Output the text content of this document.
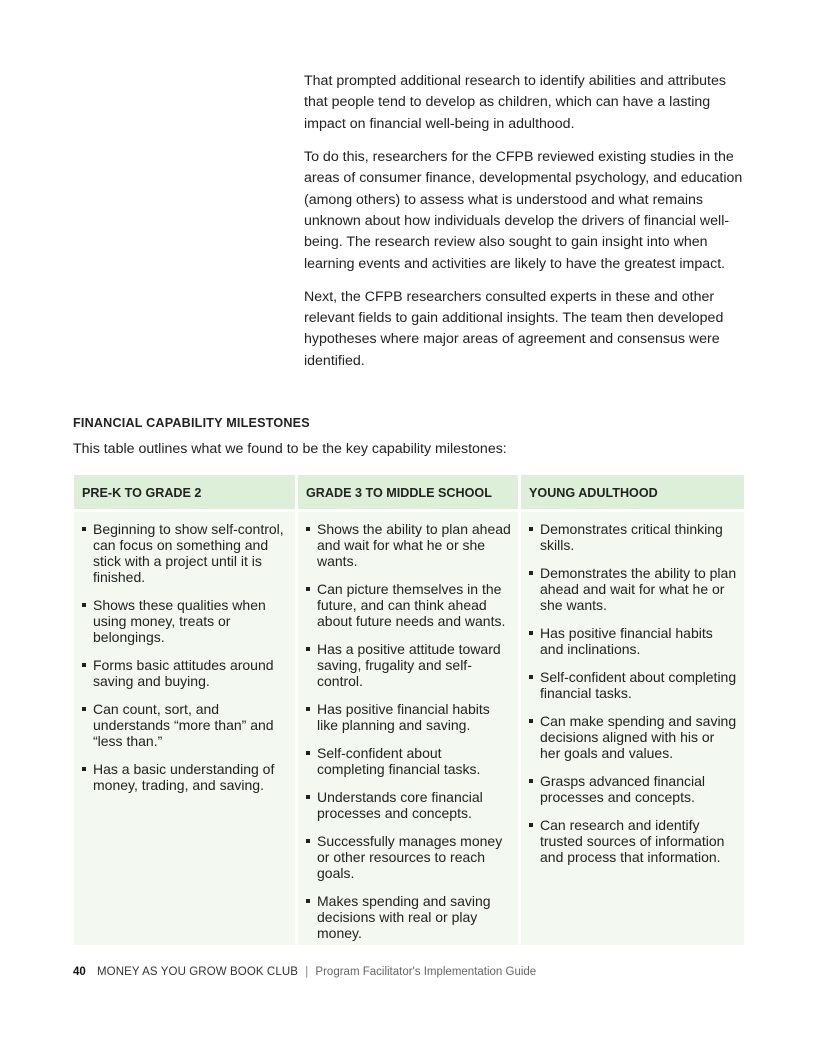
That prompted additional research to identify abilities and attributes that people tend to develop as children, which can have a lasting impact on financial well-being in adulthood.

To do this, researchers for the CFPB reviewed existing studies in the areas of consumer finance, developmental psychology, and education (among others) to assess what is understood and what remains unknown about how individuals develop the drivers of financial well-being. The research review also sought to gain insight into when learning events and activities are likely to have the greatest impact.

Next, the CFPB researchers consulted experts in these and other relevant fields to gain additional insights. The team then developed hypotheses where major areas of agreement and consensus were identified.

FINANCIAL CAPABILITY MILESTONES

This table outlines what we found to be the key capability milestones:

PRE-K TO GRADE 2
Beginning to show self-control, can focus on something and stick with a project until it is finished.
Shows these qualities when using money, treats or belongings.
Forms basic attitudes around saving and buying.
Can count, sort, and understands “more than” and “less than.”
Has a basic understanding of money, trading, and saving.
GRADE 3 TO MIDDLE SCHOOL
Shows the ability to plan ahead and wait for what he or she wants.
Can picture themselves in the future, and can think ahead about future needs and wants.
Has a positive attitude toward saving, frugality and self-control.
Has positive financial habits like planning and saving.
Self-confident about completing financial tasks.
Understands core financial processes and concepts.
Successfully manages money or other resources to reach goals.
Makes spending and saving decisions with real or play money.
YOUNG ADULTHOOD
Demonstrates critical thinking skills.
Demonstrates the ability to plan ahead and wait for what he or she wants.
Has positive financial habits and inclinations.
Self-confident about completing financial tasks.
Can make spending and saving decisions aligned with his or her goals and values.
Grasps advanced financial processes and concepts.
Can research and identify trusted sources of information and process that information.
40 MONEY AS YOU GROW BOOK CLUB | Program Facilitator's Implementation Guide
